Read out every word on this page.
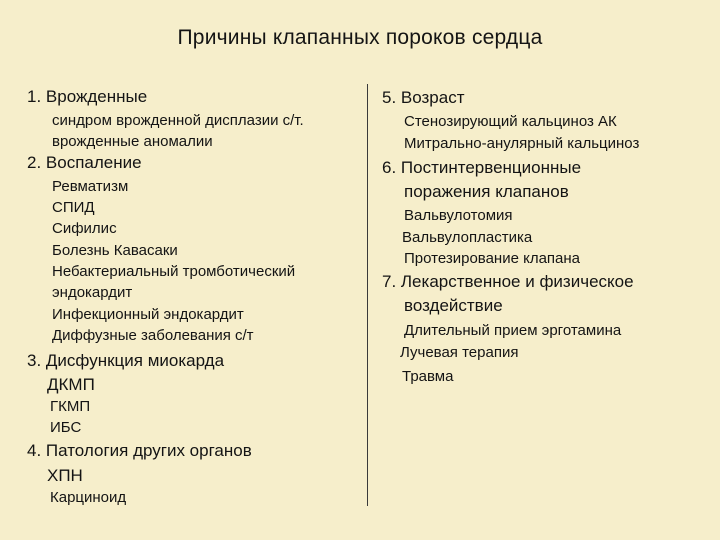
Причины клапанных пороков сердца
1. Врожденные
синдром врожденной дисплазии с/т.
врожденные аномалии
2. Воспаление
Ревматизм
СПИД
Сифилис
Болезнь Кавасаки
Небактериальный тромботический
эндокардит
Инфекционный эндокардит
Диффузные заболевания с/т
3. Дисфункция миокарда
ДКМП
ГКМП
ИБС
4. Патология других органов
ХПН
Карциноид
5. Возраст
Стенозирующий кальциноз АК
Митрально-анулярный кальциноз
6. Постинтервенционные
поражения клапанов
Вальвулотомия
Вальвулопластика
Протезирование клапана
7. Лекарственное и физическое
воздействие
Длительный прием эрготамина
Лучевая терапия
Травма
